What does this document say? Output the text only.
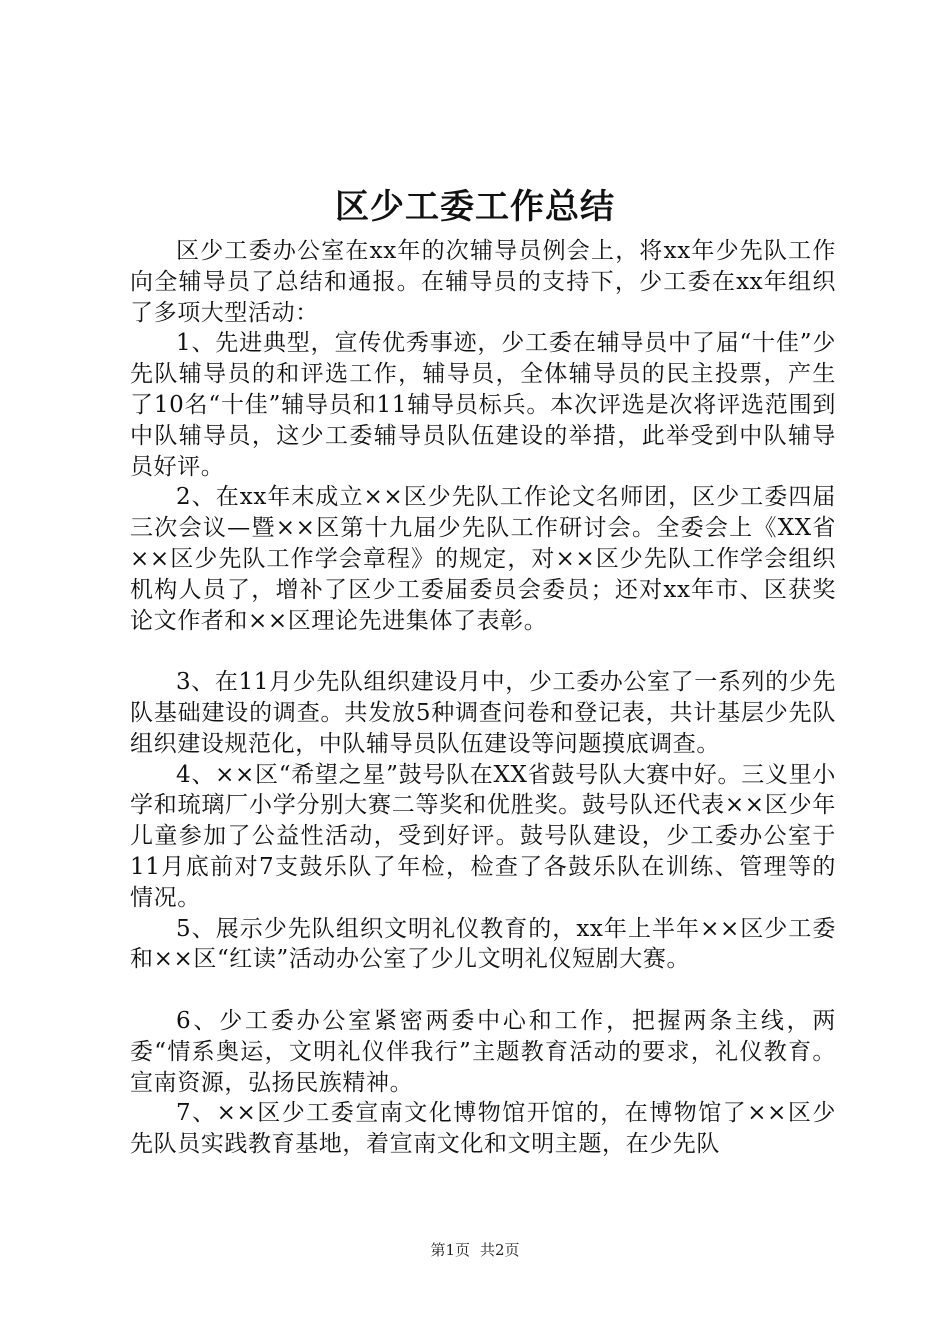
区少工委工作总结

区少工委办公室在xx年的次辅导员例会上，将xx年少先队工作向全辅导员了总结和通报。在辅导员的支持下，少工委在xx年组织了多项大型活动：

1、先进典型，宣传优秀事迹，少工委在辅导员中了届“十佳”少先队辅导员的和评选工作，辅导员，全体辅导员的民主投票，产生了10名“十佳”辅导员和11辅导员标兵。本次评选是次将评选范围到中队辅导员，这少工委辅导员队伍建设的举措，此举受到中队辅导员好评。

2、在xx年末成立××区少先队工作论文名师团，区少工委四届三次会议—暨××区第十九届少先队工作研讨会。全委会上《XX省××区少先队工作学会章程》的规定，对××区少先队工作学会组织机构人员了，增补了区少工委届委员会委员；还对xx年市、区获奖论文作者和××区理论先进集体了表彰。

3、在11月少先队组织建设月中，少工委办公室了一系列的少先队基础建设的调查。共发放5种调查问卷和登记表，共计基层少先队组织建设规范化，中队辅导员队伍建设等问题摸底调查。

4、××区“希望之星”鼓号队在XX省鼓号队大赛中好。三义里小学和琉璃厂小学分别大赛二等奖和优胜奖。鼓号队还代表××区少年儿童参加了公益性活动，受到好评。鼓号队建设，少工委办公室于11月底前对7支鼓乐队了年检，检查了各鼓乐队在训练、管理等的情况。

5、展示少先队组织文明礼仪教育的，xx年上半年××区少工委和××区“红读”活动办公室了少儿文明礼仪短剧大赛。

6、少工委办公室紧密两委中心和工作，把握两条主线，两委“情系奥运，文明礼仪伴我行”主题教育活动的要求，礼仪教育。宣南资源，弘扬民族精神。

7、××区少工委宣南文化博物馆开馆的，在博物馆了××区少先队员实践教育基地，着宣南文化和文明主题，在少先队

第1页 共2页
